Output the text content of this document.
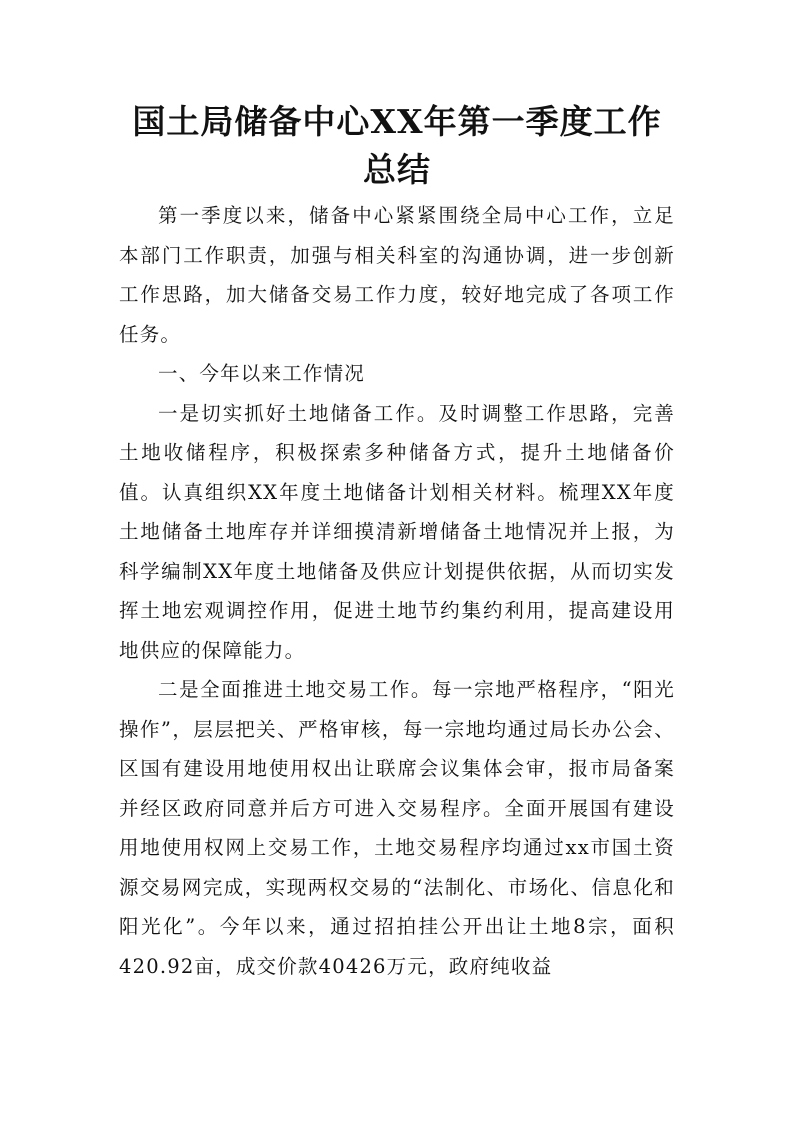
国土局储备中心XX年第一季度工作总结

第一季度以来，储备中心紧紧围绕全局中心工作，立足本部门工作职责，加强与相关科室的沟通协调，进一步创新工作思路，加大储备交易工作力度，较好地完成了各项工作任务。

一、今年以来工作情况

一是切实抓好土地储备工作。及时调整工作思路，完善土地收储程序，积极探索多种储备方式，提升土地储备价值。认真组织XX年度土地储备计划相关材料。梳理XX年度土地储备土地库存并详细摸清新增储备土地情况并上报，为科学编制XX年度土地储备及供应计划提供依据，从而切实发挥土地宏观调控作用，促进土地节约集约利用，提高建设用地供应的保障能力。

二是全面推进土地交易工作。每一宗地严格程序，“阳光操作”，层层把关、严格审核，每一宗地均通过局长办公会、区国有建设用地使用权出让联席会议集体会审，报市局备案并经区政府同意并后方可进入交易程序。全面开展国有建设用地使用权网上交易工作，土地交易程序均通过xx市国土资源交易网完成，实现两权交易的“法制化、市场化、信息化和阳光化”。今年以来，通过招拍挂公开出让土地8宗，面积420.92亩，成交价款40426万元，政府纯收益
